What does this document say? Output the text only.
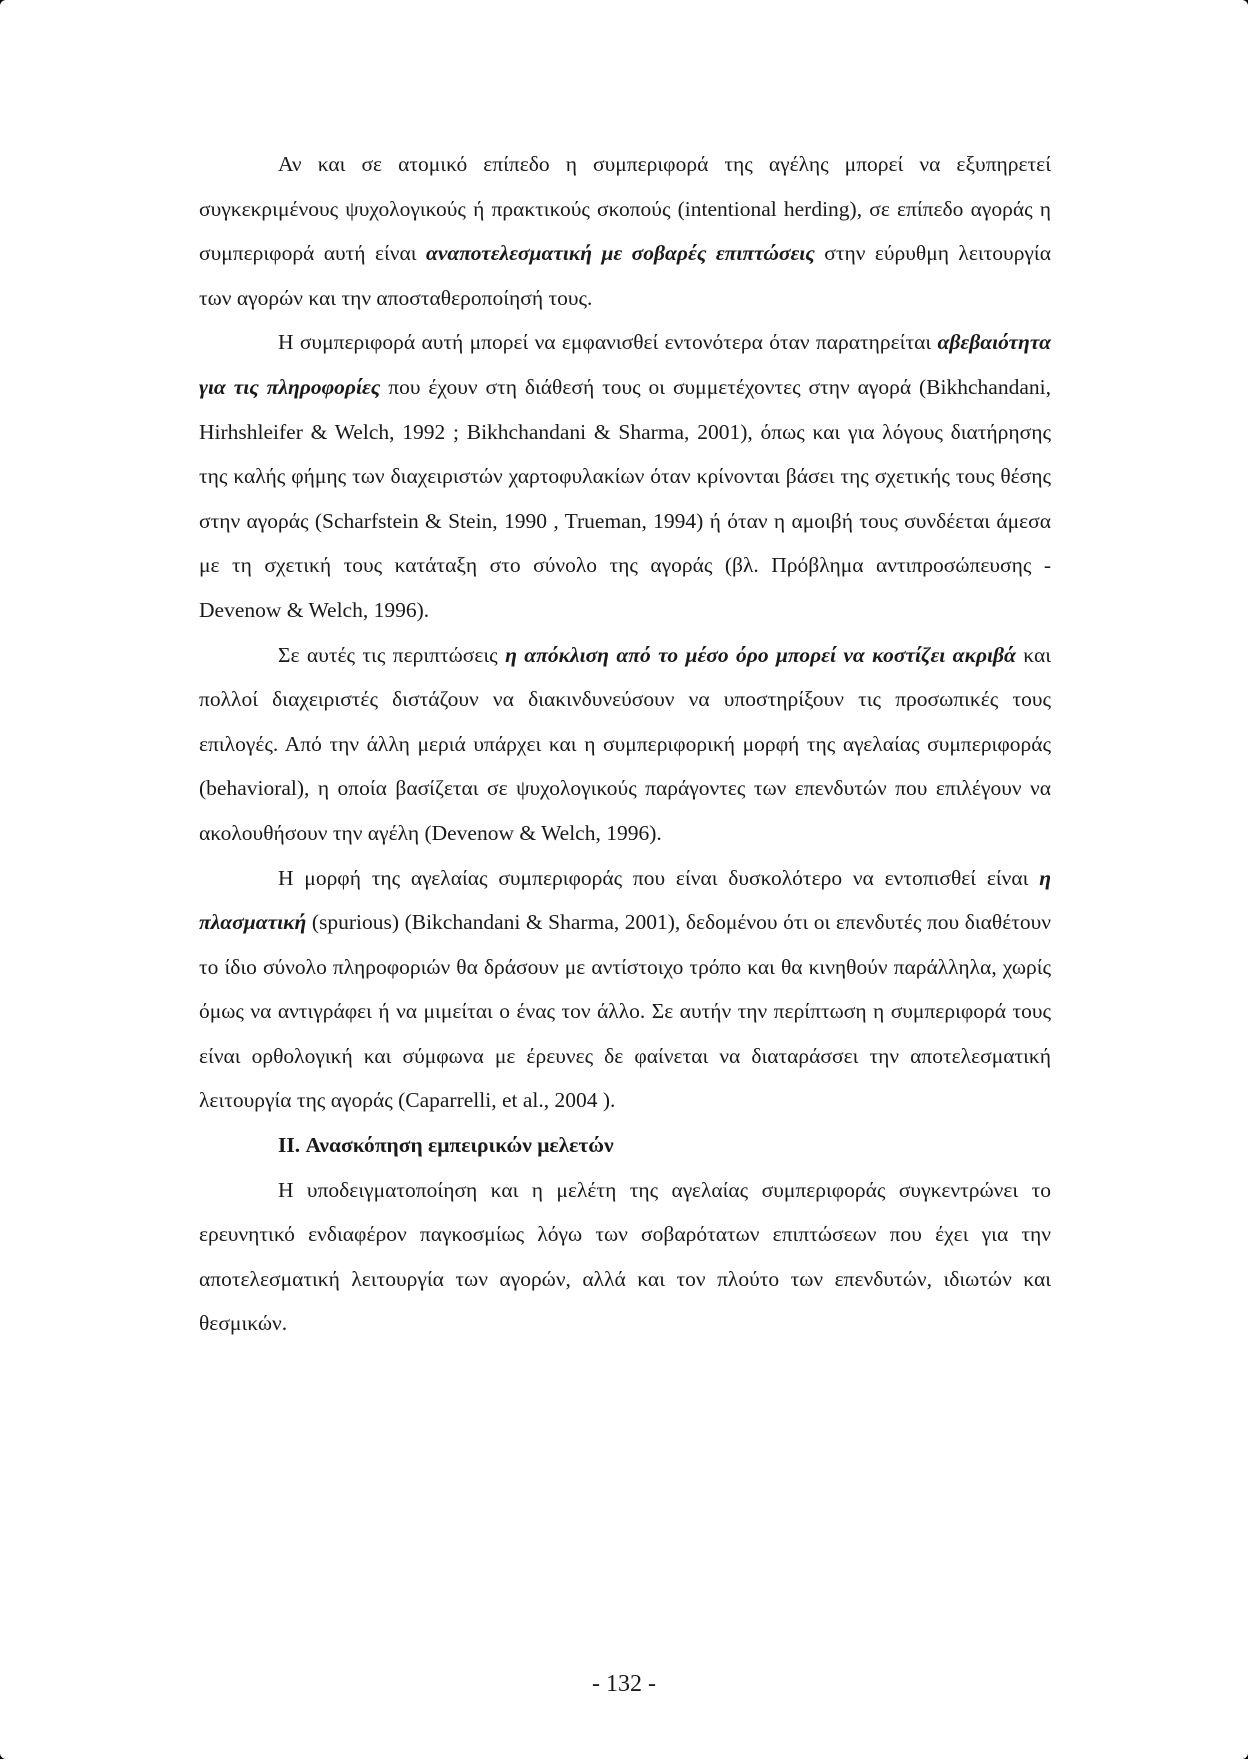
Αν και σε ατομικό επίπεδο η συμπεριφορά της αγέλης μπορεί να εξυπηρετεί συγκεκριμένους ψυχολογικούς ή πρακτικούς σκοπούς (intentional herding), σε επίπεδο αγοράς η συμπεριφορά αυτή είναι αναποτελεσματική με σοβαρές επιπτώσεις στην εύρυθμη λειτουργία των αγορών και την αποσταθεροποίησή τους.

Η συμπεριφορά αυτή μπορεί να εμφανισθεί εντονότερα όταν παρατηρείται αβεβαιότητα για τις πληροφορίες που έχουν στη διάθεσή τους οι συμμετέχοντες στην αγορά (Bikhchandani, Hirhshleifer & Welch, 1992 ; Bikhchandani & Sharma, 2001), όπως και για λόγους διατήρησης της καλής φήμης των διαχειριστών χαρτοφυλακίων όταν κρίνονται βάσει της σχετικής τους θέσης στην αγοράς (Scharfstein & Stein, 1990 , Trueman, 1994) ή όταν η αμοιβή τους συνδέεται άμεσα με τη σχετική τους κατάταξη στο σύνολο της αγοράς (βλ. Πρόβλημα αντιπροσώπευσης - Devenow & Welch, 1996).

Σε αυτές τις περιπτώσεις η απόκλιση από το μέσο όρο μπορεί να κοστίζει ακριβά και πολλοί διαχειριστές διστάζουν να διακινδυνεύσουν να υποστηρίξουν τις προσωπικές τους επιλογές. Από την άλλη μεριά υπάρχει και η συμπεριφορική μορφή της αγελαίας συμπεριφοράς (behavioral), η οποία βασίζεται σε ψυχολογικούς παράγοντες των επενδυτών που επιλέγουν να ακολουθήσουν την αγέλη (Devenow & Welch, 1996).

Η μορφή της αγελαίας συμπεριφοράς που είναι δυσκολότερο να εντοπισθεί είναι η πλασματική (spurious) (Bikchandani & Sharma, 2001), δεδομένου ότι οι επενδυτές που διαθέτουν το ίδιο σύνολο πληροφοριών θα δράσουν με αντίστοιχο τρόπο και θα κινηθούν παράλληλα, χωρίς όμως να αντιγράφει ή να μιμείται ο ένας τον άλλο. Σε αυτήν την περίπτωση η συμπεριφορά τους είναι ορθολογική και σύμφωνα με έρευνες δε φαίνεται να διαταράσσει την αποτελεσματική λειτουργία της αγοράς (Caparrelli, et al., 2004 ).

II. Ανασκόπηση εμπειρικών μελετών

Η υποδειγματοποίηση και η μελέτη της αγελαίας συμπεριφοράς συγκεντρώνει το ερευνητικό ενδιαφέρον παγκοσμίως λόγω των σοβαρότατων επιπτώσεων που έχει για την αποτελεσματική λειτουργία των αγορών, αλλά και τον πλούτο των επενδυτών, ιδιωτών και θεσμικών.

- 132 -
